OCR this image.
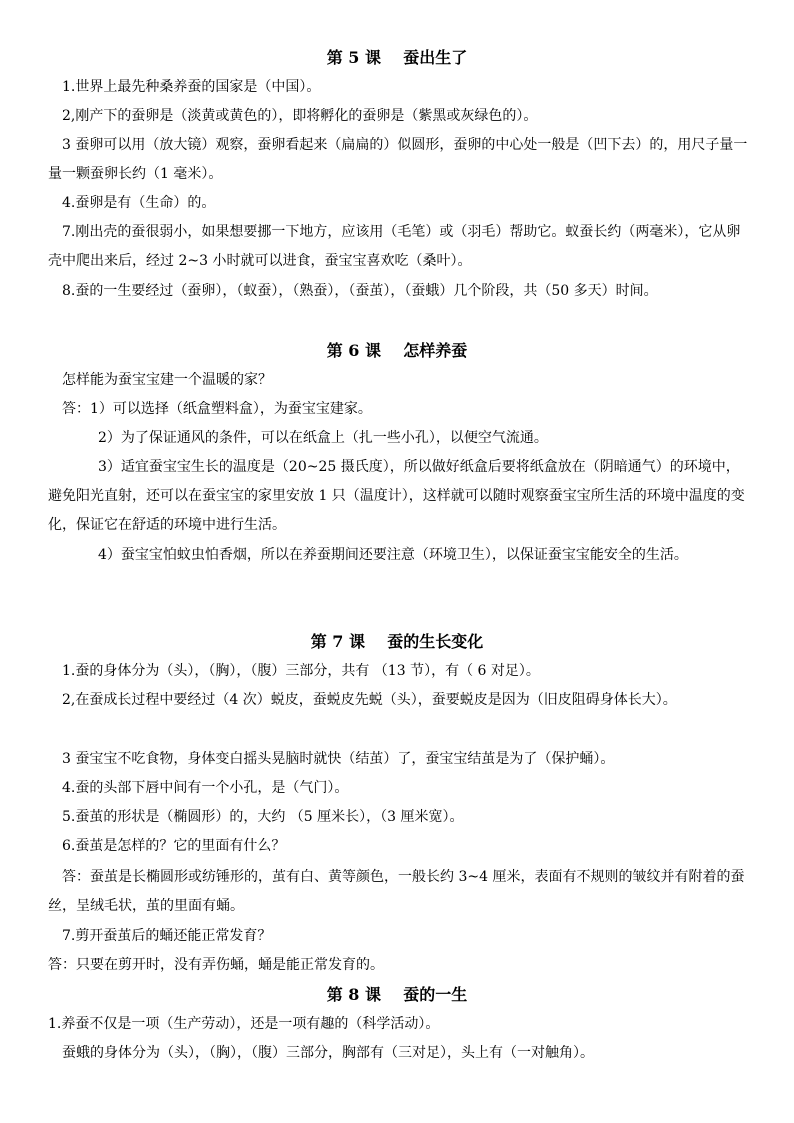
第 5 课    蚕出生了
1.世界上最先种桑养蚕的国家是（中国）。
2,刚产下的蚕卵是（淡黄或黄色的），即将孵化的蚕卵是（紫黑或灰绿色的）。
3 蚕卵可以用（放大镜）观察，蚕卵看起来（扁扁的）似圆形，蚕卵的中心处一般是（凹下去）的，用尺子量一量一颗蚕卵长约（1 毫米）。
4.蚕卵是有（生命）的。
7.刚出壳的蚕很弱小，如果想要挪一下地方，应该用（毛笔）或（羽毛）帮助它。蚁蚕长约（两毫米），它从卵壳中爬出来后，经过 2~3 小时就可以进食，蚕宝宝喜欢吃（桑叶）。
8.蚕的一生要经过（蚕卵），（蚁蚕），（熟蚕），（蚕茧），（蚕蛾）几个阶段，共（50 多天）时间。
第 6 课    怎样养蚕
怎样能为蚕宝宝建一个温暖的家？
答：1）可以选择（纸盒塑料盒），为蚕宝宝建家。
2）为了保证通风的条件，可以在纸盒上（扎一些小孔），以便空气流通。
3）适宜蚕宝宝生长的温度是（20~25 摄氏度），所以做好纸盒后要将纸盒放在（阴暗通气）的环境中，避免阳光直射，还可以在蚕宝宝的家里安放 1 只（温度计），这样就可以随时观察蚕宝宝所生活的环境中温度的变化，保证它在舒适的环境中进行生活。
4）蚕宝宝怕蚊虫怕香烟，所以在养蚕期间还要注意（环境卫生），以保证蚕宝宝能安全的生活。
第 7 课    蚕的生长变化
1.蚕的身体分为（头），（胸），（腹）三部分，共有 （13 节），有（ 6 对足）。
2,在蚕成长过程中要经过（4 次）蜕皮，蚕蜕皮先蜕（头），蚕要蜕皮是因为（旧皮阻碍身体长大）。
3 蚕宝宝不吃食物，身体变白摇头晃脑时就快（结茧）了，蚕宝宝结茧是为了（保护蛹）。
4.蚕的头部下唇中间有一个小孔，是（气门）。
5.蚕茧的形状是（椭圆形）的，大约 （5 厘米长），（3 厘米宽）。
6.蚕茧是怎样的？它的里面有什么？
答：蚕茧是长椭圆形或纺锤形的，茧有白、黄等颜色，一般长约 3~4 厘米，表面有不规则的皱纹并有附着的蚕丝，呈绒毛状，茧的里面有蛹。
7.剪开蚕茧后的蛹还能正常发育？
答：只要在剪开时，没有弄伤蛹，蛹是能正常发育的。
第 8 课    蚕的一生
1.养蚕不仅是一项（生产劳动），还是一项有趣的（科学活动）。
蚕蛾的身体分为（头），（胸），（腹）三部分，胸部有（三对足），头上有（一对触角）。
